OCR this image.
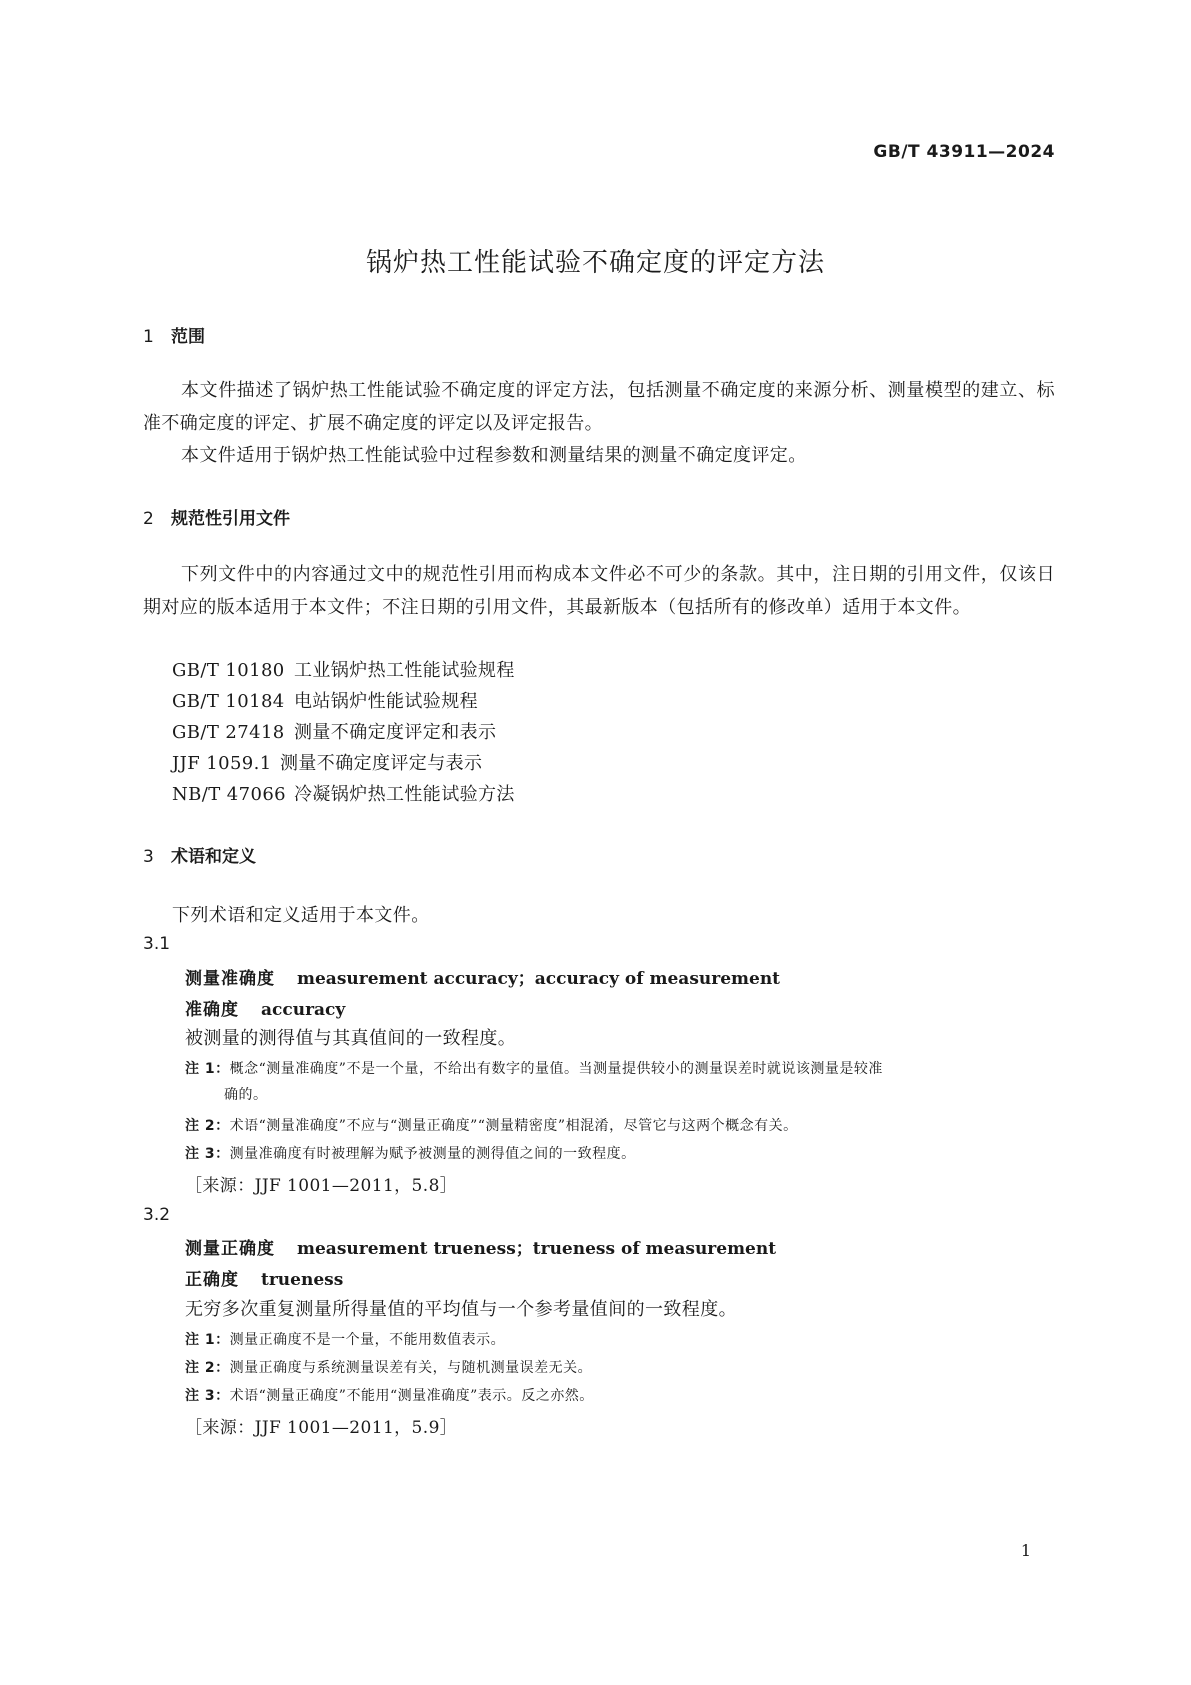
GB/T 43911—2024
锅炉热工性能试验不确定度的评定方法
1 范围
本文件描述了锅炉热工性能试验不确定度的评定方法，包括测量不确定度的来源分析、测量模型的建立、标准不确定度的评定、扩展不确定度的评定以及评定报告。
本文件适用于锅炉热工性能试验中过程参数和测量结果的测量不确定度评定。
2 规范性引用文件
下列文件中的内容通过文中的规范性引用而构成本文件必不可少的条款。其中，注日期的引用文件，仅该日期对应的版本适用于本文件；不注日期的引用文件，其最新版本（包括所有的修改单）适用于本文件。
GB/T 10180 工业锅炉热工性能试验规程
GB/T 10184 电站锅炉性能试验规程
GB/T 27418 测量不确定度评定和表示
JJF 1059.1 测量不确定度评定与表示
NB/T 47066 冷凝锅炉热工性能试验方法
3 术语和定义
下列术语和定义适用于本文件。
3.1
测量准确度 measurement accuracy；accuracy of measurement
准确度 accuracy
被测量的测得值与其真值间的一致程度。
注 1：概念“测量准确度”不是一个量，不给出有数字的量值。当测量提供较小的测量误差时就说该测量是较准
确的。
注 2：术语“测量准确度”不应与“测量正确度”“测量精密度”相混淆，尽管它与这两个概念有关。
注 3：测量准确度有时被理解为赋予被测量的测得值之间的一致程度。
［来源：JJF 1001—2011，5.8］
3.2
测量正确度 measurement trueness；trueness of measurement
正确度 trueness
无穷多次重复测量所得量值的平均值与一个参考量值间的一致程度。
注 1：测量正确度不是一个量，不能用数值表示。
注 2：测量正确度与系统测量误差有关，与随机测量误差无关。
注 3：术语“测量正确度”不能用“测量准确度”表示。反之亦然。
［来源：JJF 1001—2011，5.9］
1
